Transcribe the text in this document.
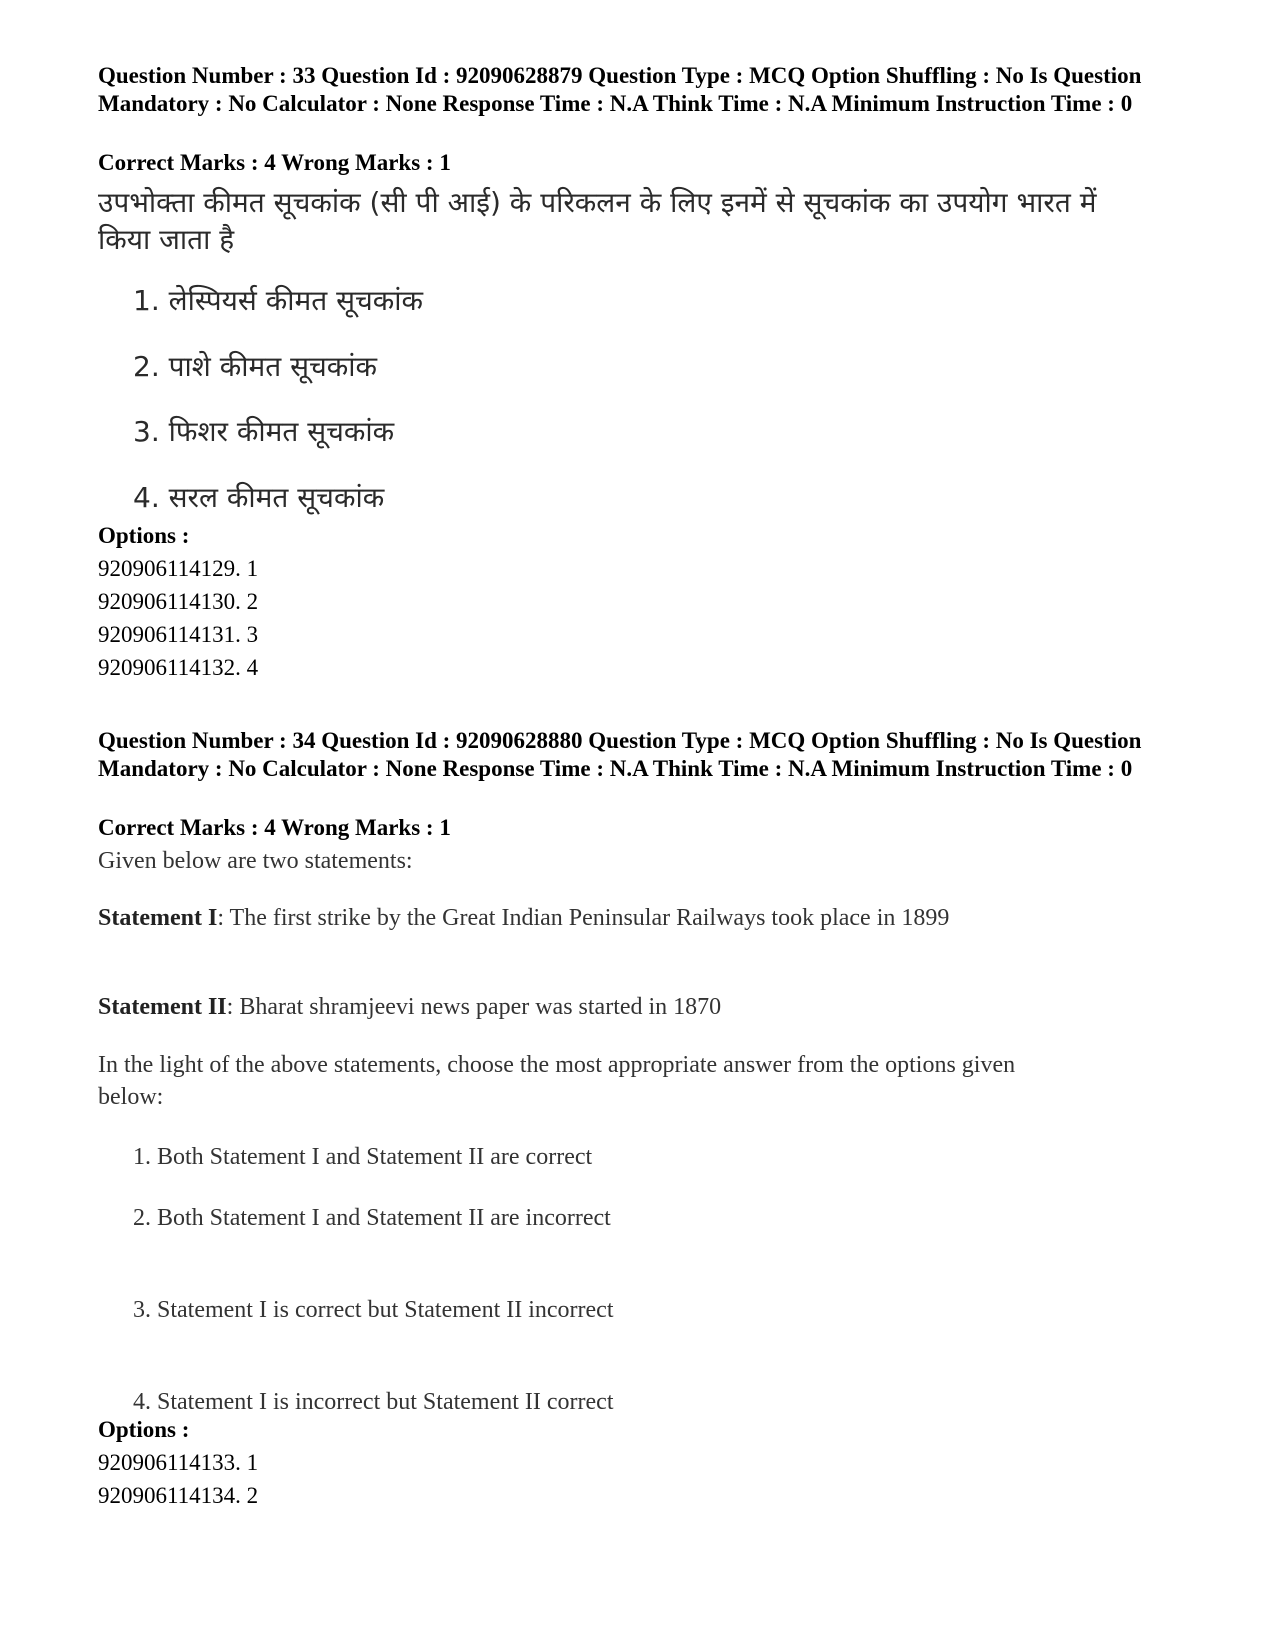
Question Number : 33 Question Id : 92090628879 Question Type : MCQ Option Shuffling : No Is Question Mandatory : No Calculator : None Response Time : N.A Think Time : N.A Minimum Instruction Time : 0
Correct Marks : 4 Wrong Marks : 1
उपभोक्ता कीमत सूचकांक (सी पी आई) के परिकलन के लिए इनमें से सूचकांक का उपयोग भारत में किया जाता है
1. लेस्पियर्स कीमत सूचकांक
2. पाशे कीमत सूचकांक
3. फिशर कीमत सूचकांक
4. सरल कीमत सूचकांक
Options :
920906114129. 1
920906114130. 2
920906114131. 3
920906114132. 4
Question Number : 34 Question Id : 92090628880 Question Type : MCQ Option Shuffling : No Is Question Mandatory : No Calculator : None Response Time : N.A Think Time : N.A Minimum Instruction Time : 0
Correct Marks : 4 Wrong Marks : 1
Given below are two statements:
Statement I: The first strike by the Great Indian Peninsular Railways took place in 1899
Statement II: Bharat shramjeevi news paper was started in 1870
In the light of the above statements, choose the most appropriate answer from the options given below:
1. Both Statement I and Statement II are correct
2. Both Statement I and Statement II are incorrect
3. Statement I is correct but Statement II incorrect
4. Statement I is incorrect but Statement II correct
Options :
920906114133. 1
920906114134. 2
